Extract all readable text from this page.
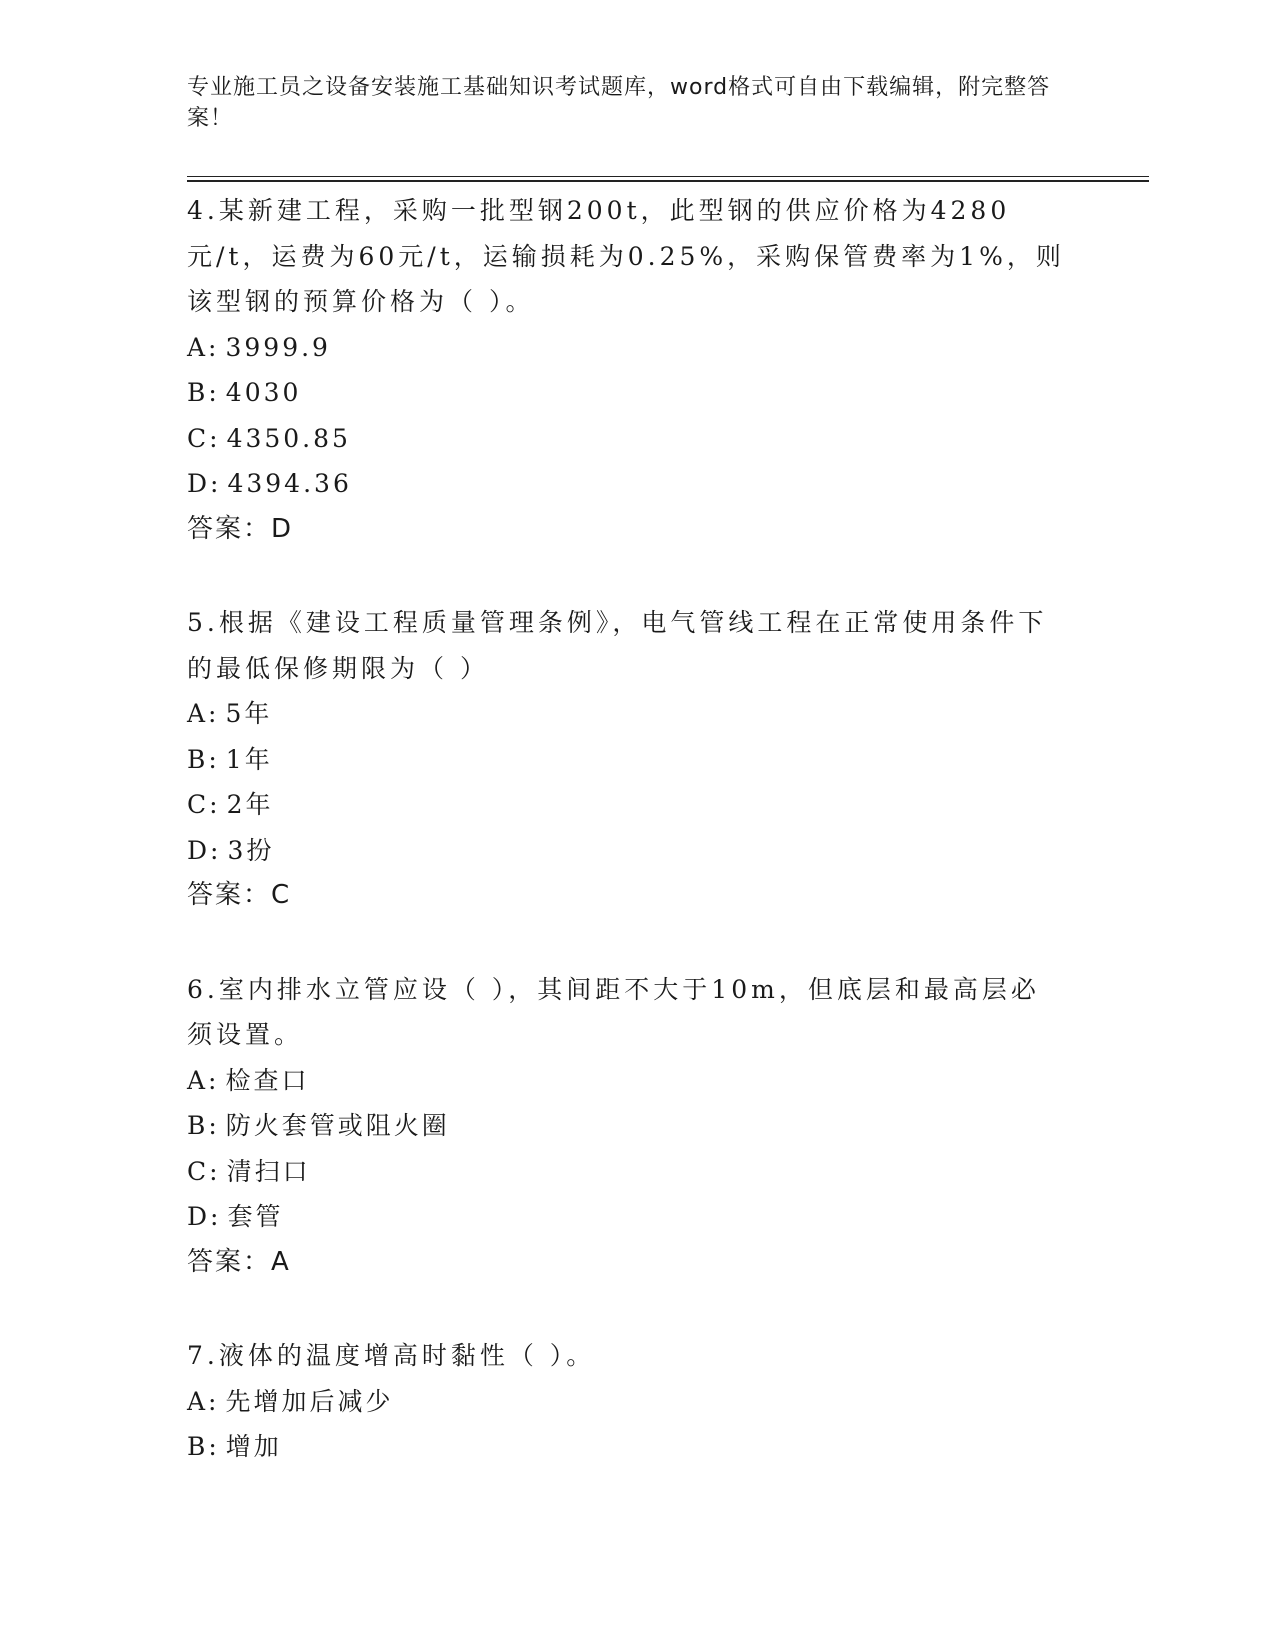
专业施工员之设备安装施工基础知识考试题库，word格式可自由下载编辑，附完整答案！
4.某新建工程，采购一批型钢200t，此型钢的供应价格为4280元/t，运费为60元/t，运输损耗为0.25%，采购保管费率为1%，则该型钢的预算价格为（ ）。
A: 3999.9
B: 4030
C: 4350.85
D: 4394.36
答案：D
5.根据《建设工程质量管理条例》，电气管线工程在正常使用条件下的最低保修期限为（ ）
A: 5年
B: 1年
C: 2年
D: 3扮
答案：C
6.室内排水立管应设（ ），其间距不大于10m，但底层和最高层必须设置。
A: 检查口
B: 防火套管或阻火圈
C: 清扫口
D: 套管
答案：A
7.液体的温度增高时黏性（ ）。
A: 先增加后减少
B: 增加
